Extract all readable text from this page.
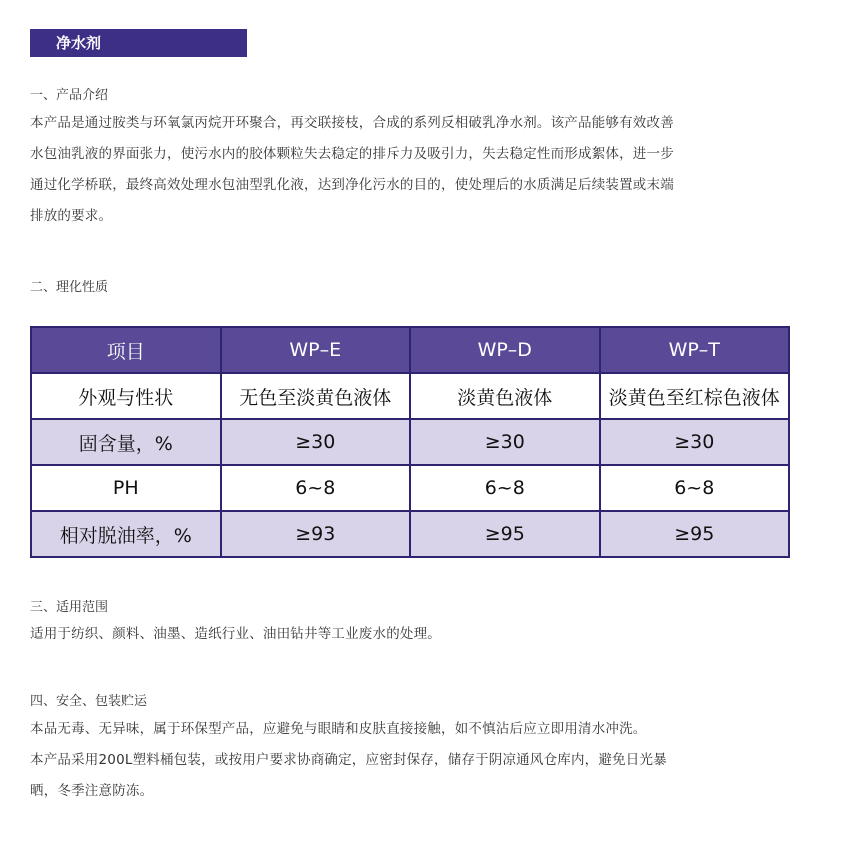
净水剂
一、产品介绍

本产品是通过胺类与环氧氯丙烷开环聚合，再交联接枝，合成的系列反相破乳净水剂。该产品能够有效改善

水包油乳液的界面张力，使污水内的胶体颗粒失去稳定的排斥力及吸引力，失去稳定性而形成絮体，进一步

通过化学桥联，最终高效处理水包油型乳化液，达到净化污水的目的，使处理后的水质满足后续装置或末端

排放的要求。

二、理化性质
项目	WP–E	WP–D	WP–T
外观与性状	无色至淡黄色液体	淡黄色液体	淡黄色至红棕色液体
固含量，%	≥30	≥30	≥30
PH	6~8	6~8	6~8
相对脱油率，%	≥93	≥95	≥95
三、适用范围

适用于纺织、颜料、油墨、造纸行业、油田钻井等工业废水的处理。

四、安全、包装贮运

本品无毒、无异味，属于环保型产品，应避免与眼睛和皮肤直接接触，如不慎沾后应立即用清水冲洗。

本产品采用200L塑料桶包装，或按用户要求协商确定，应密封保存，储存于阴凉通风仓库内，避免日光暴

晒，冬季注意防冻。
